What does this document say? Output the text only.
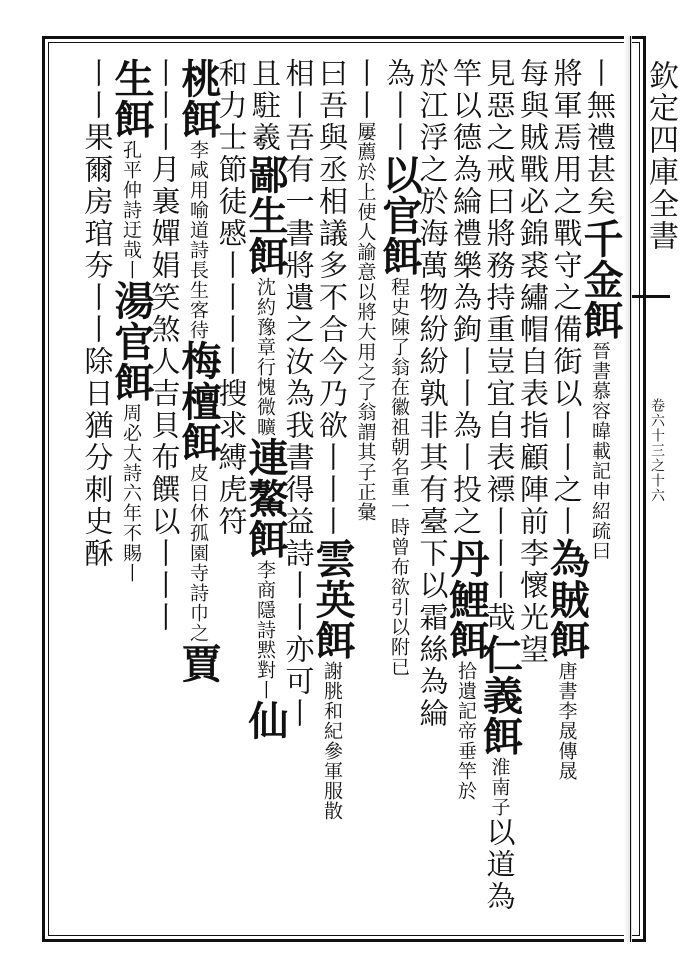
欽定四庫全書
卷六十三之十六
丨無禮甚矣千金餌晉書慕容暐載記申紹疏曰
將軍焉用之戰守之備衘以丨丨之丨為賊餌唐書李晟傳晟
每與賊戰必錦裘繡帽自表指顧陣前李懷光望
見惡之戒曰將務持重豈宜自表褾丨丨丨哉仁義餌淮南子以道為
竿以德為綸禮樂為鉤丨丨為丨投之丹鯉餌拾遺記帝垂竿於
於江浮之於海萬物紛紛孰非其有臺下以霜絲為綸
為丨丨以官餌程史陳了翁在徽祖朝名重一時曾布欲引以附已
丨丨屢薦於上使人諭意以將大用之了翁謂其子正彙
曰吾與丞相議多不合今乃欲丨丨丨雲英餌謝朓和紀參軍服散
相丨吾有一書將遺之汝為我書得益詩丨丨亦可丨
且駐羲鄙生餌沈約豫章行愧微曠連鰲餌李商隱詩黙對丨仙
和力士節徒慼丨丨丨丨搜求縛虎符
桃餌李咸用喻道詩長生客待梅檀餌皮日休孤園寺詩巾之賈
丨丨丨月裏嬋娟笑煞人吉貝布饌以丨丨丨
生餌孔平仲詩迂哉丨湯官餌周必大詩六年不賜丨
丨丨果爾房琯夯丨丨除日猶分刺史酥
